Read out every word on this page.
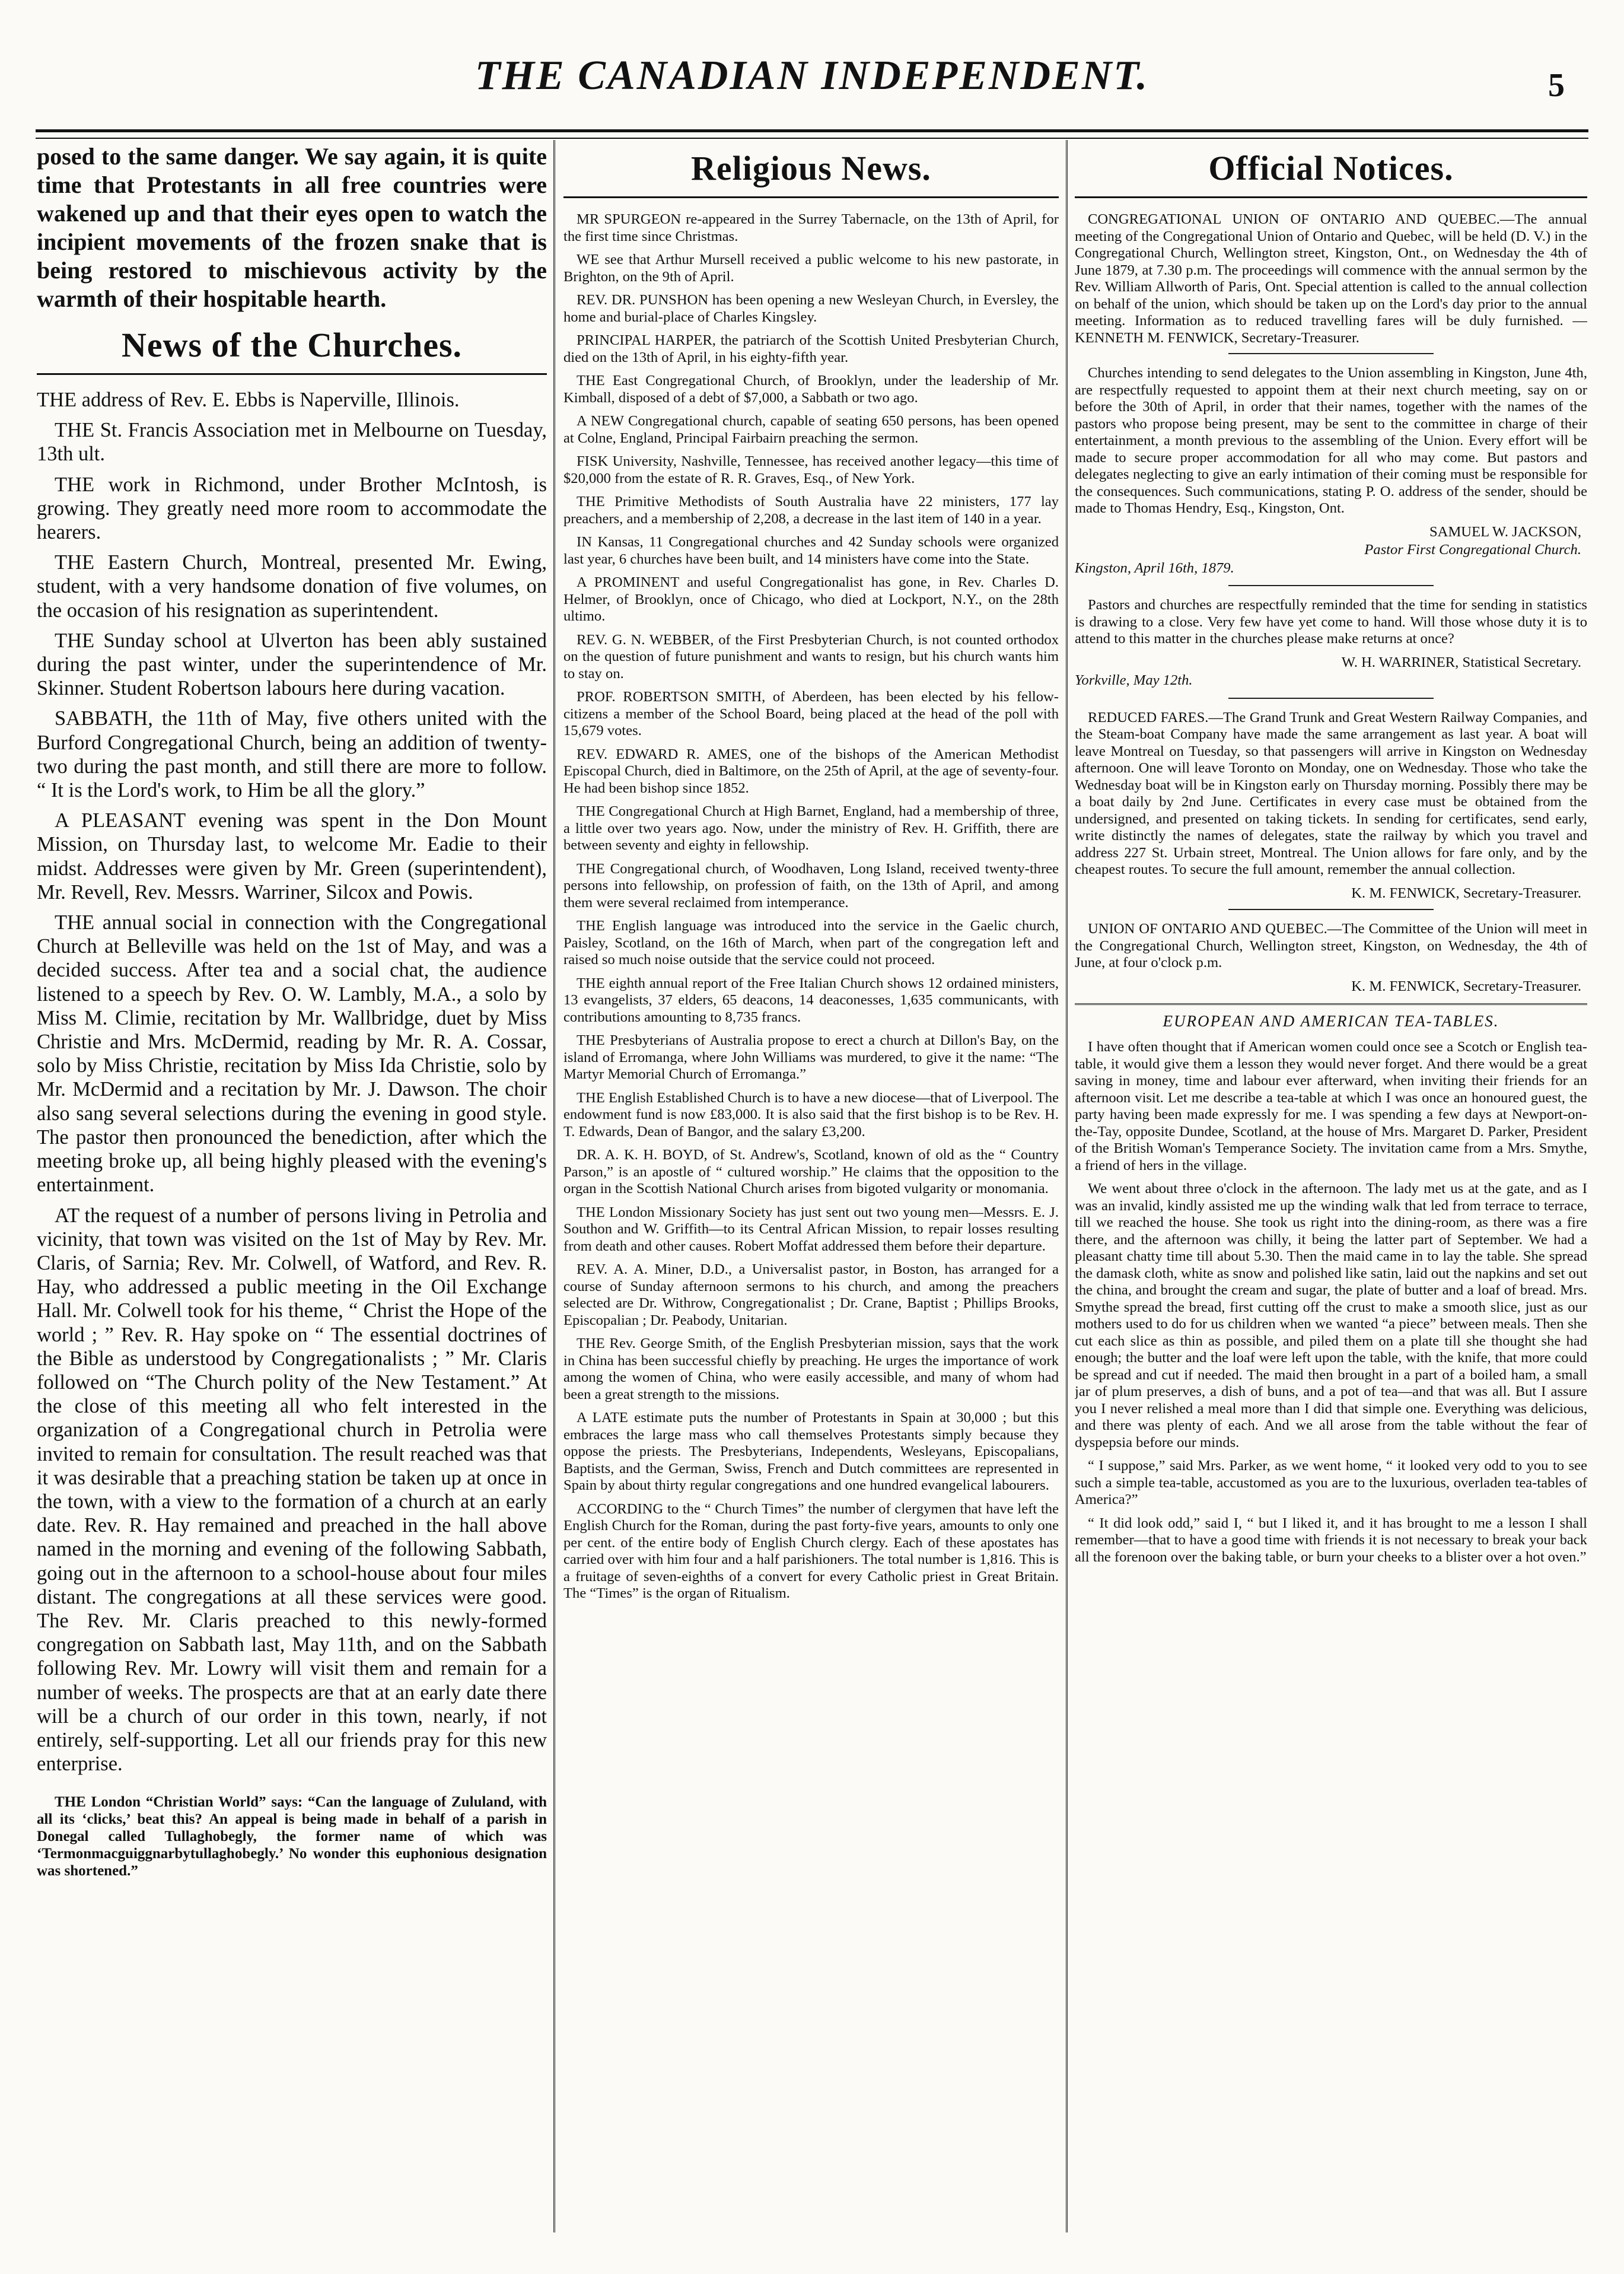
THE CANADIAN INDEPENDENT.	5

posed to the same danger. We say again, it is quite time that Protestants in all free countries were wakened up and that their eyes open to watch the incipient movements of the frozen snake that is being restored to mischievous activity by the warmth of their hospitable hearth.

News of the Churches.

THE address of Rev. E. Ebbs is Naperville, Illinois.

THE St. Francis Association met in Melbourne on Tuesday, 13th ult.

THE work in Richmond, under Brother McIntosh, is growing. They greatly need more room to accommodate the hearers.

THE Eastern Church, Montreal, presented Mr. Ewing, student, with a very handsome donation of five volumes, on the occasion of his resignation as superintendent.

THE Sunday school at Ulverton has been ably sustained during the past winter, under the superintendence of Mr. Skinner. Student Robertson labours here during vacation.

SABBATH, the 11th of May, five others united with the Burford Congregational Church, being an addition of twenty-two during the past month, and still there are more to follow. “ It is the Lord's work, to Him be all the glory.”

A PLEASANT evening was spent in the Don Mount Mission, on Thursday last, to welcome Mr. Eadie to their midst. Addresses were given by Mr. Green (superintendent), Mr. Revell, Rev. Messrs. Warriner, Silcox and Powis.

THE annual social in connection with the Congregational Church at Belleville was held on the 1st of May, and was a decided success. After tea and a social chat, the audience listened to a speech by Rev. O. W. Lambly, M.A., a solo by Miss M. Climie, recitation by Mr. Wallbridge, duet by Miss Christie and Mrs. McDermid, reading by Mr. R. A. Cossar, solo by Miss Christie, recitation by Miss Ida Christie, solo by Mr. McDermid and a recitation by Mr. J. Dawson. The choir also sang several selections during the evening in good style. The pastor then pronounced the benediction, after which the meeting broke up, all being highly pleased with the evening's entertainment.

AT the request of a number of persons living in Petrolia and vicinity, that town was visited on the 1st of May by Rev. Mr. Claris, of Sarnia; Rev. Mr. Colwell, of Watford, and Rev. R. Hay, who addressed a public meeting in the Oil Exchange Hall. Mr. Colwell took for his theme, “ Christ the Hope of the world ; ” Rev. R. Hay spoke on “ The essential doctrines of the Bible as understood by Congregationalists ; ” Mr. Claris followed on “The Church polity of the New Testament.” At the close of this meeting all who felt interested in the organization of a Congregational church in Petrolia were invited to remain for consultation. The result reached was that it was desirable that a preaching station be taken up at once in the town, with a view to the formation of a church at an early date. Rev. R. Hay remained and preached in the hall above named in the morning and evening of the following Sabbath, going out in the afternoon to a school-house about four miles distant. The congregations at all these services were good. The Rev. Mr. Claris preached to this newly-formed congregation on Sabbath last, May 11th, and on the Sabbath following Rev. Mr. Lowry will visit them and remain for a number of weeks. The prospects are that at an early date there will be a church of our order in this town, nearly, if not entirely, self-supporting. Let all our friends pray for this new enterprise.

THE London “Christian World” says: “Can the language of Zululand, with all its ‘clicks,’ beat this? An appeal is being made in behalf of a parish in Donegal called Tullaghobegly, the former name of which was ‘Termonmacguiggnarbytullaghobegly.’ No wonder this euphonious designation was shortened.”

Religious News.

MR SPURGEON re-appeared in the Surrey Tabernacle, on the 13th of April, for the first time since Christmas.

WE see that Arthur Mursell received a public welcome to his new pastorate, in Brighton, on the 9th of April.

REV. DR. PUNSHON has been opening a new Wesleyan Church, in Eversley, the home and burial-place of Charles Kingsley.

PRINCIPAL HARPER, the patriarch of the Scottish United Presbyterian Church, died on the 13th of April, in his eighty-fifth year.

THE East Congregational Church, of Brooklyn, under the leadership of Mr. Kimball, disposed of a debt of $7,000, a Sabbath or two ago.

A NEW Congregational church, capable of seating 650 persons, has been opened at Colne, England, Principal Fairbairn preaching the sermon.

FISK University, Nashville, Tennessee, has received another legacy—this time of $20,000 from the estate of R. R. Graves, Esq., of New York.

THE Primitive Methodists of South Australia have 22 ministers, 177 lay preachers, and a membership of 2,208, a decrease in the last item of 140 in a year.

IN Kansas, 11 Congregational churches and 42 Sunday schools were organized last year, 6 churches have been built, and 14 ministers have come into the State.

A PROMINENT and useful Congregationalist has gone, in Rev. Charles D. Helmer, of Brooklyn, once of Chicago, who died at Lockport, N.Y., on the 28th ultimo.

REV. G. N. WEBBER, of the First Presbyterian Church, is not counted orthodox on the question of future punishment and wants to resign, but his church wants him to stay on.

PROF. ROBERTSON SMITH, of Aberdeen, has been elected by his fellow-citizens a member of the School Board, being placed at the head of the poll with 15,679 votes.

REV. EDWARD R. AMES, one of the bishops of the American Methodist Episcopal Church, died in Baltimore, on the 25th of April, at the age of seventy-four. He had been bishop since 1852.

THE Congregational Church at High Barnet, England, had a membership of three, a little over two years ago. Now, under the ministry of Rev. H. Griffith, there are between seventy and eighty in fellowship.

THE Congregational church, of Woodhaven, Long Island, received twenty-three persons into fellowship, on profession of faith, on the 13th of April, and among them were several reclaimed from intemperance.

THE English language was introduced into the service in the Gaelic church, Paisley, Scotland, on the 16th of March, when part of the congregation left and raised so much noise outside that the service could not proceed.

THE eighth annual report of the Free Italian Church shows 12 ordained ministers, 13 evangelists, 37 elders, 65 deacons, 14 deaconesses, 1,635 communicants, with contributions amounting to 8,735 francs.

THE Presbyterians of Australia propose to erect a church at Dillon's Bay, on the island of Erromanga, where John Williams was murdered, to give it the name: “The Martyr Memorial Church of Erromanga.”

THE English Established Church is to have a new diocese—that of Liverpool. The endowment fund is now £83,000. It is also said that the first bishop is to be Rev. H. T. Edwards, Dean of Bangor, and the salary £3,200.

DR. A. K. H. BOYD, of St. Andrew's, Scotland, known of old as the “ Country Parson,” is an apostle of “ cultured worship.” He claims that the opposition to the organ in the Scottish National Church arises from bigoted vulgarity or monomania.

THE London Missionary Society has just sent out two young men—Messrs. E. J. Southon and W. Griffith—to its Central African Mission, to repair losses resulting from death and other causes. Robert Moffat addressed them before their departure.

REV. A. A. Miner, D.D., a Universalist pastor, in Boston, has arranged for a course of Sunday afternoon sermons to his church, and among the preachers selected are Dr. Withrow, Congregationalist ; Dr. Crane, Baptist ; Phillips Brooks, Episcopalian ; Dr. Peabody, Unitarian.

THE Rev. George Smith, of the English Presbyterian mission, says that the work in China has been successful chiefly by preaching. He urges the importance of work among the women of China, who were easily accessible, and many of whom had been a great strength to the missions.

A LATE estimate puts the number of Protestants in Spain at 30,000 ; but this embraces the large mass who call themselves Protestants simply because they oppose the priests. The Presbyterians, Independents, Wesleyans, Episcopalians, Baptists, and the German, Swiss, French and Dutch committees are represented in Spain by about thirty regular congregations and one hundred evangelical labourers.

ACCORDING to the “ Church Times” the number of clergymen that have left the English Church for the Roman, during the past forty-five years, amounts to only one per cent. of the entire body of English Church clergy. Each of these apostates has carried over with him four and a half parishioners. The total number is 1,816. This is a fruitage of seven-eighths of a convert for every Catholic priest in Great Britain. The “Times” is the organ of Ritualism.

Official Notices.

CONGREGATIONAL UNION OF ONTARIO AND QUEBEC.—The annual meeting of the Congregational Union of Ontario and Quebec, will be held (D. V.) in the Congregational Church, Wellington street, Kingston, Ont., on Wednesday the 4th of June 1879, at 7.30 p.m. The proceedings will commence with the annual sermon by the Rev. William Allworth of Paris, Ont. Special attention is called to the annual collection on behalf of the union, which should be taken up on the Lord's day prior to the annual meeting. Information as to reduced travelling fares will be duly furnished. —KENNETH M. FENWICK, Secretary-Treasurer.

Churches intending to send delegates to the Union assembling in Kingston, June 4th, are respectfully requested to appoint them at their next church meeting, say on or before the 30th of April, in order that their names, together with the names of the pastors who propose being present, may be sent to the committee in charge of their entertainment, a month previous to the assembling of the Union. Every effort will be made to secure proper accommodation for all who may come. But pastors and delegates neglecting to give an early intimation of their coming must be responsible for the consequences. Such communications, stating P. O. address of the sender, should be made to Thomas Hendry, Esq., Kingston, Ont.

SAMUEL W. JACKSON,
Pastor First Congregational Church.
Kingston, April 16th, 1879.

Pastors and churches are respectfully reminded that the time for sending in statistics is drawing to a close. Very few have yet come to hand. Will those whose duty it is to attend to this matter in the churches please make returns at once?

W. H. WARRINER, Statistical Secretary.
Yorkville, May 12th.

REDUCED FARES.—The Grand Trunk and Great Western Railway Companies, and the Steam-boat Company have made the same arrangement as last year. A boat will leave Montreal on Tuesday, so that passengers will arrive in Kingston on Wednesday afternoon. One will leave Toronto on Monday, one on Wednesday. Those who take the Wednesday boat will be in Kingston early on Thursday morning. Possibly there may be a boat daily by 2nd June. Certificates in every case must be obtained from the undersigned, and presented on taking tickets. In sending for certificates, send early, write distinctly the names of delegates, state the railway by which you travel and address 227 St. Urbain street, Montreal. The Union allows for fare only, and by the cheapest routes. To secure the full amount, remember the annual collection.

K. M. FENWICK, Secretary-Treasurer.

UNION OF ONTARIO AND QUEBEC.—The Committee of the Union will meet in the Congregational Church, Wellington street, Kingston, on Wednesday, the 4th of June, at four o'clock p.m.

K. M. FENWICK, Secretary-Treasurer.
EUROPEAN AND AMERICAN TEA-TABLES.

I have often thought that if American women could once see a Scotch or English tea-table, it would give them a lesson they would never forget. And there would be a great saving in money, time and labour ever afterward, when inviting their friends for an afternoon visit. Let me describe a tea-table at which I was once an honoured guest, the party having been made expressly for me. I was spending a few days at Newport-on-the-Tay, opposite Dundee, Scotland, at the house of Mrs. Margaret D. Parker, President of the British Woman's Temperance Society. The invitation came from a Mrs. Smythe, a friend of hers in the village.

We went about three o'clock in the afternoon. The lady met us at the gate, and as I was an invalid, kindly assisted me up the winding walk that led from terrace to terrace, till we reached the house. She took us right into the dining-room, as there was a fire there, and the afternoon was chilly, it being the latter part of September. We had a pleasant chatty time till about 5.30. Then the maid came in to lay the table. She spread the damask cloth, white as snow and polished like satin, laid out the napkins and set out the china, and brought the cream and sugar, the plate of butter and a loaf of bread. Mrs. Smythe spread the bread, first cutting off the crust to make a smooth slice, just as our mothers used to do for us children when we wanted “a piece” between meals. Then she cut each slice as thin as possible, and piled them on a plate till she thought she had enough; the butter and the loaf were left upon the table, with the knife, that more could be spread and cut if needed. The maid then brought in a part of a boiled ham, a small jar of plum preserves, a dish of buns, and a pot of tea—and that was all. But I assure you I never relished a meal more than I did that simple one. Everything was delicious, and there was plenty of each. And we all arose from the table without the fear of dyspepsia before our minds.

“ I suppose,” said Mrs. Parker, as we went home, “ it looked very odd to you to see such a simple tea-table, accustomed as you are to the luxurious, overladen tea-tables of America?”

“ It did look odd,” said I, “ but I liked it, and it has brought to me a lesson I shall remember—that to have a good time with friends it is not necessary to break your back all the forenoon over the baking table, or burn your cheeks to a blister over a hot oven.”
